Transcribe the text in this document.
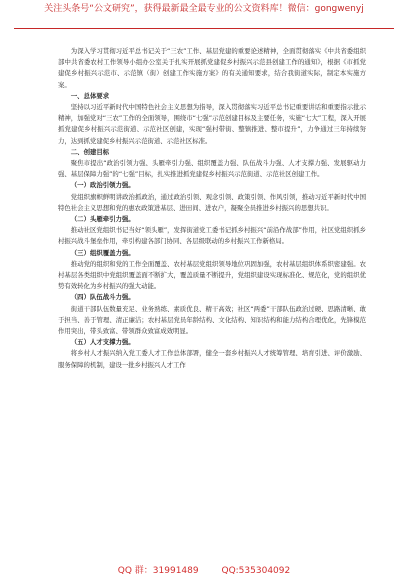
关注头条号“公文研究”，获得最新最全最专业的公文资料库！微信：gongwenyj

为深入学习贯彻习近平总书记关于“三农”工作、基层党建的重要论述精神，全面贯彻落实《中共省委组织部中共省委农村工作领导小组办公室关于扎实开展抓党建促乡村振兴示范县创建工作的通知》，根据《市抓党建促乡村振兴示范市、示范镇（街）创建工作实施方案》的有关通知要求，结合我街道实际，制定本实施方案。

一、总体要求

坚持以习近平新时代中国特色社会主义思想为指导，深入贯彻落实习近平总书记重要讲话和重要指示批示精神，加强党对“三农”工作的全面领导，围绕市“七强”示范创建目标及主要任务，实施“七大”工程，深入开展抓党建促乡村振兴示范街道、示范社区创建，实现“强村带街、整镇推进、整市提升”，力争通过三年持续努力，达到抓党建促乡村振兴示范街道、示范社区标准。

二、创建目标

聚焦市提出“政治引领力强、头雁牵引力强、组织覆盖力强、队伍战斗力强、人才支撑力强、发展驱动力强、基层保障力强”的“七强”目标，扎实推进抓党建促乡村振兴示范街道、示范社区创建工作。

（一）政治引领力强。

党组织旗帜鲜明讲政治抓政治，通过政治引领、观念引领、政策引领、作风引领，推动习近平新时代中国特色社会主义思想和党的惠农政策进基层、进田间、进农户，凝聚全员推进乡村振兴的思想共识。

（二）头雁牵引力强。

推动社区党组织书记当好“领头雁”，发挥街道党工委书记抓乡村振兴“前沿作战部”作用，社区党组织抓乡村振兴战斗堡垒作用，牵引构建各部门协同、各层级联动的乡村振兴工作新格局。

（三）组织覆盖力强。

推动党的组织和党的工作全面覆盖、农村基层党组织领导地位巩固加强，农村基层组织体系织密建强。农村基层各类组织中党组织覆盖面不断扩大，覆盖质量不断提升，党组织建设实现标准化、规范化，党的组织优势有效转化为乡村振兴的强大动能。

（四）队伍战斗力强。

街道干部队伍数量充足、业务熟练、素质优良、精干高效；社区“两委”干部队伍政治过硬、思路清晰、敢于担当、善于管理、清正廉洁；农村基层党员年龄结构、文化结构、知识结构和能力结构合理优化，先锋模范作用突出，带头致富、带领群众致富成效明显。

（五）人才支撑力强。

将乡村人才振兴纳入党工委人才工作总体部署，健全一套乡村振兴人才统筹管理、培育引进、评价激励、服务保障的机制，建设一批乡村振兴人才工作

QQ 群：31991489	QQ:535304092
